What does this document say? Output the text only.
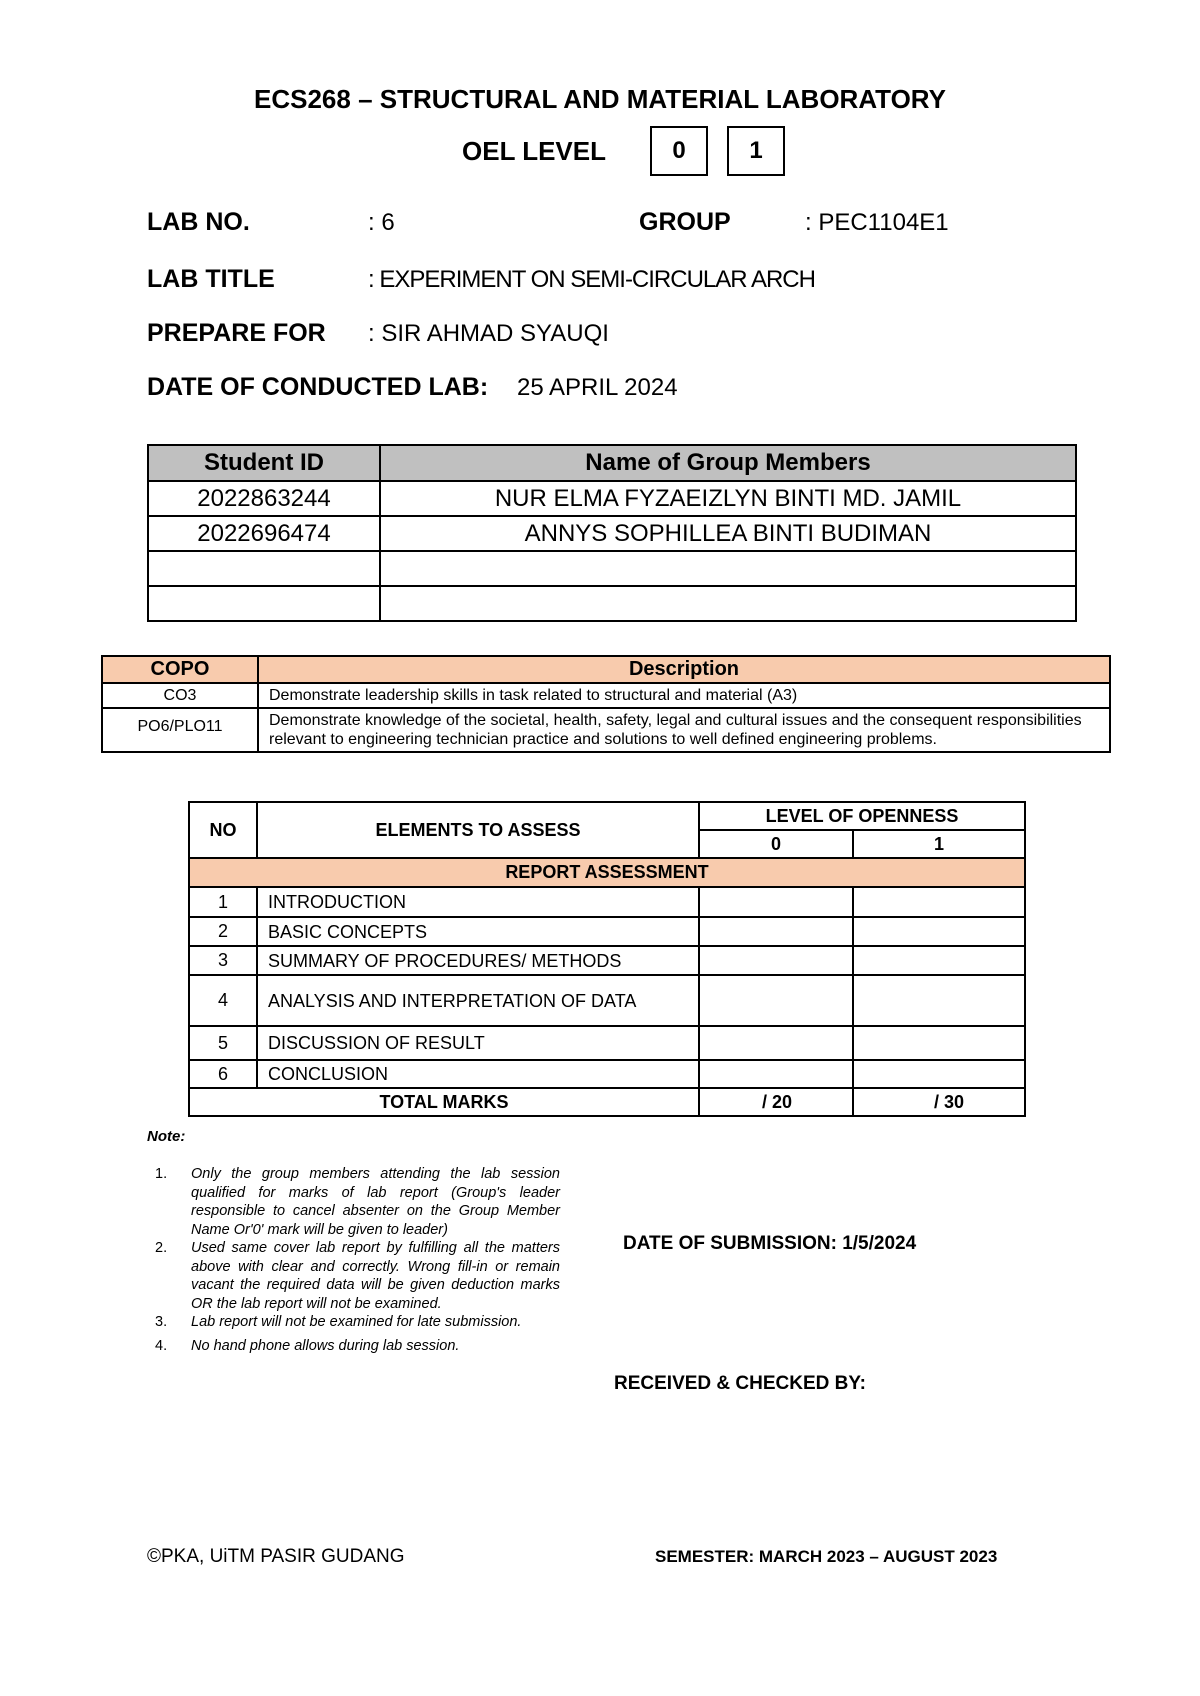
ECS268 – STRUCTURAL AND MATERIAL LABORATORY
OEL LEVEL	0	1
LAB NO.	: 6	GROUP	: PEC1104E1
LAB TITLE	: EXPERIMENT ON SEMI-CIRCULAR ARCH
PREPARE FOR : SIR AHMAD SYAUQI
DATE OF CONDUCTED LAB: 25 APRIL 2024
Student ID	Name of Group Members
2022863244	NUR ELMA FYZAEIZLYN BINTI MD. JAMIL
2022696474	ANNYS SOPHILLEA BINTI BUDIMAN

COPO	Description
CO3	Demonstrate leadership skills in task related to structural and material (A3)
PO6/PLO11	Demonstrate knowledge of the societal, health, safety, legal and cultural issues and the consequent responsibilities relevant to engineering technician practice and solutions to well defined engineering problems.
NO	ELEMENTS TO ASSESS	LEVEL OF OPENNESS	
		0	1
REPORT ASSESSMENT			
1	INTRODUCTION		
2	BASIC CONCEPTS		
3	SUMMARY OF PROCEDURES/ METHODS		
4	ANALYSIS AND INTERPRETATION OF DATA		
5	DISCUSSION OF RESULT		
6	CONCLUSION		
TOTAL MARKS		/ 20	/ 30
Note:
1.	Only the group members attending the lab session qualified for marks of lab report (Group's leader responsible to cancel absenter on the Group Member Name Or'0' mark will be given to leader)
2.	Used same cover lab report by fulfilling all the matters above with clear and correctly. Wrong fill-in or remain vacant the required data will be given deduction marks OR the lab report will not be examined.
3.	Lab report will not be examined for late submission.
4.	No hand phone allows during lab session.
DATE OF SUBMISSION: 1/5/2024
RECEIVED & CHECKED BY:
©PKA, UiTM PASIR GUDANG	SEMESTER: MARCH 2023 – AUGUST 2023
